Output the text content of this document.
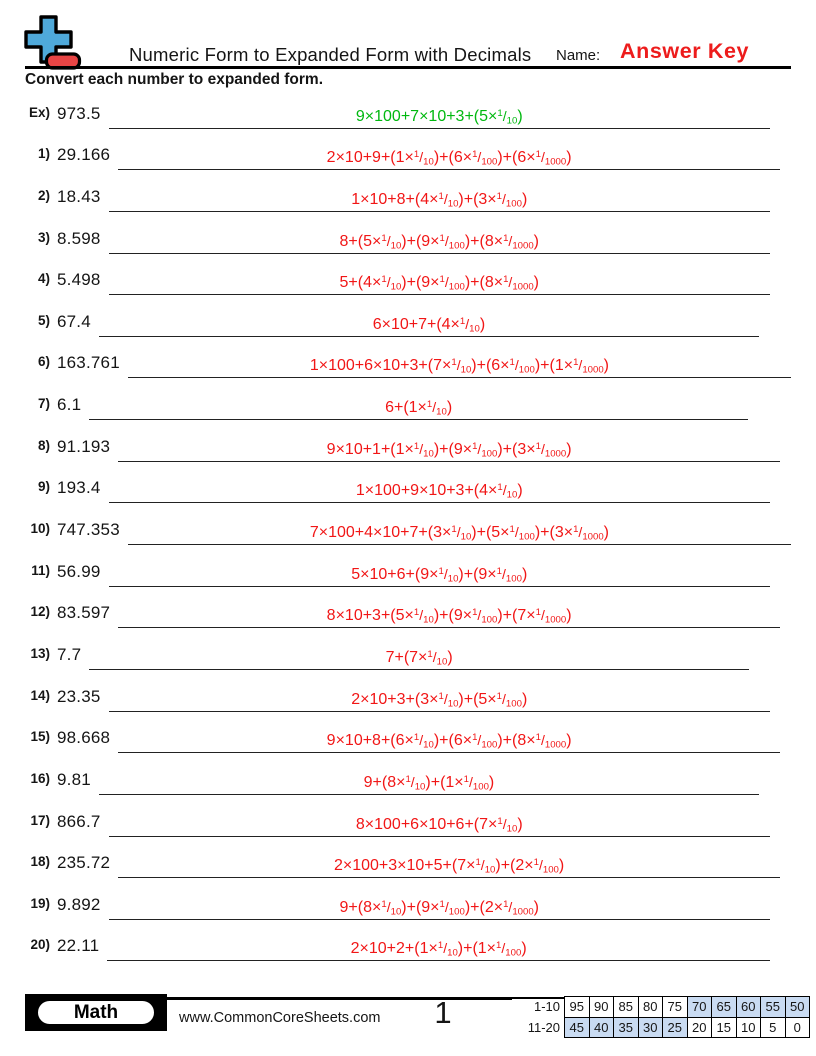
Numeric Form to Expanded Form with Decimals Name: Answer Key
Convert each number to expanded form.
Ex) 973.5	$9\times 100+7\times 10+3+(5\times^1/_{10})$
1) 29.166	$2\times 10+9+(1\times^1/_{10})+(6\times^1/_{100})+(6\times^1/_{1000})$
2) 18.43	$1\times 10+8+(4\times^1/_{10})+(3\times^1/_{100})$
3) 8.598	$8+(5\times^1/_{10})+(9\times^1/_{100})+(8\times^1/_{1000})$
4) 5.498	$5+(4\times^1/_{10})+(9\times^1/_{100})+(8\times^1/_{1000})$
5) 67.4	$6\times 10+7+(4\times^1/_{10})$
6) 163.761	$1\times 100+6\times 10+3+(7\times^1/_{10})+(6\times^1/_{100})+(1\times^1/_{1000})$
7) 6.1	$6+(1\times^1/_{10})$
8) 91.193	$9\times 10+1+(1\times^1/_{10})+(9\times^1/_{100})+(3\times^1/_{1000})$
9) 193.4	$1\times 100+9\times 10+3+(4\times^1/_{10})$
10) 747.353	$7\times 100+4\times 10+7+(3\times^1/_{10})+(5\times^1/_{100})+(3\times^1/_{1000})$
11) 56.99	$5\times 10+6+(9\times^1/_{10})+(9\times^1/_{100})$
12) 83.597	$8\times 10+3+(5\times^1/_{10})+(9\times^1/_{100})+(7\times^1/_{1000})$
13) 7.7	$7+(7\times^1/_{10})$
14) 23.35	$2\times 10+3+(3\times^1/_{10})+(5\times^1/_{100})$
15) 98.668	$9\times 10+8+(6\times^1/_{10})+(6\times^1/_{100})+(8\times^1/_{1000})$
16) 9.81	$9+(8\times^1/_{10})+(1\times^1/_{100})$
17) 866.7	$8\times 100+6\times 10+6+(7\times^1/_{10})$
18) 235.72	$2\times 100+3\times 10+5+(7\times^1/_{10})+(2\times^1/_{100})$
19) 9.892	$9+(8\times^1/_{10})+(9\times^1/_{100})+(2\times^1/_{1000})$
20) 22.11	$2\times 10+2+(1\times^1/_{10})+(1\times^1/_{100})$
Math	www.CommonCoreSheets.com	1	1-10 95 90 85 80 75 70 65 60 55 50
11-20 45 40 35 30 25 20 15 10	5	0
